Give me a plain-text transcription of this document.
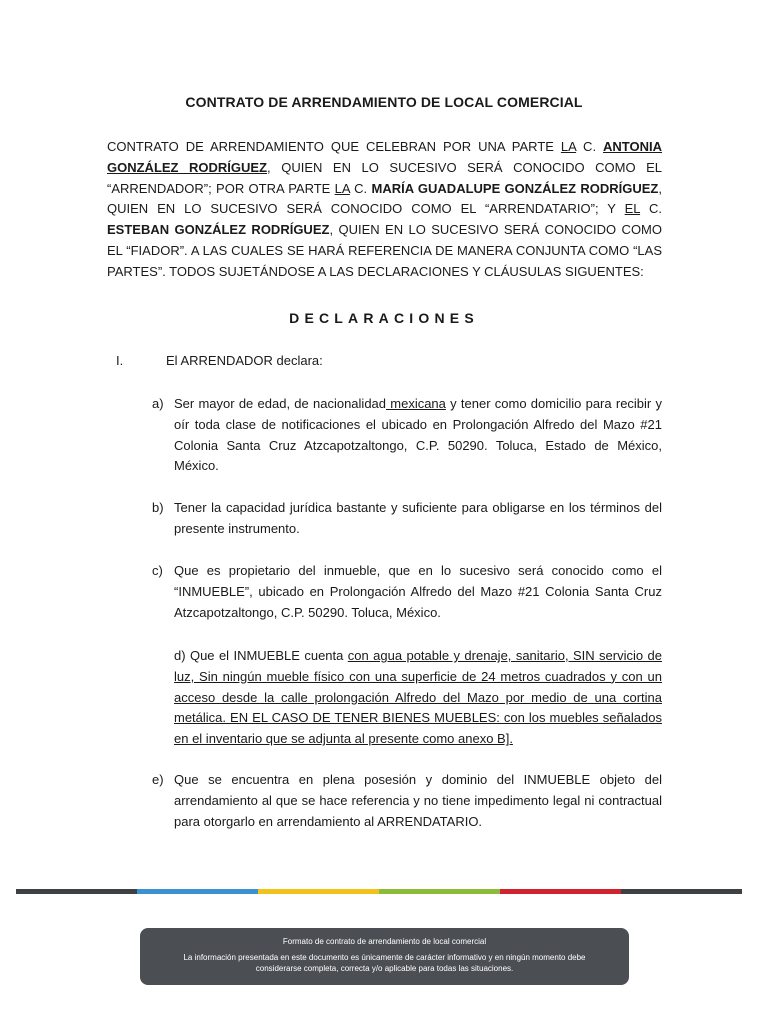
CONTRATO DE ARRENDAMIENTO DE LOCAL COMERCIAL
CONTRATO DE ARRENDAMIENTO QUE CELEBRAN POR UNA PARTE LA C. ANTONIA GONZÁLEZ RODRÍGUEZ, QUIEN EN LO SUCESIVO SERÁ CONOCIDO COMO EL “ARRENDADOR”; POR OTRA PARTE LA C. MARÍA GUADALUPE GONZÁLEZ RODRÍGUEZ, QUIEN EN LO SUCESIVO SERÁ CONOCIDO COMO EL “ARRENDATARIO”; Y EL C. ESTEBAN GONZÁLEZ RODRÍGUEZ, QUIEN EN LO SUCESIVO SERÁ CONOCIDO COMO EL “FIADOR”. A LAS CUALES SE HARÁ REFERENCIA DE MANERA CONJUNTA COMO “LAS PARTES”. TODOS SUJETÁNDOSE A LAS DECLARACIONES Y CLÁUSULAS SIGUENTES:
DECLARACIONES
I.	El ARRENDADOR declara:
a) Ser mayor de edad, de nacionalidad mexicana y tener como domicilio para recibir y oír toda clase de notificaciones el ubicado en Prolongación Alfredo del Mazo #21 Colonia Santa Cruz Atzcapotzaltongo, C.P. 50290. Toluca, Estado de México, México.
b) Tener la capacidad jurídica bastante y suficiente para obligarse en los términos del presente instrumento.
c) Que es propietario del inmueble, que en lo sucesivo será conocido como el “INMUEBLE”, ubicado en Prolongación Alfredo del Mazo #21 Colonia Santa Cruz Atzcapotzaltongo, C.P. 50290. Toluca, México.
d) Que el INMUEBLE cuenta con agua potable y drenaje, sanitario, SIN servicio de luz, Sin ningún mueble físico con una superficie de 24 metros cuadrados y con un acceso desde la calle prolongación Alfredo del Mazo por medio de una cortina metálica. EN EL CASO DE TENER BIENES MUEBLES: con los muebles señalados en el inventario que se adjunta al presente como anexo B].
e) Que se encuentra en plena posesión y dominio del INMUEBLE objeto del arrendamiento al que se hace referencia y no tiene impedimento legal ni contractual para otorgarlo en arrendamiento al ARRENDATARIO.
Formato de contrato de arrendamiento de local comercial
La información presentada en este documento es únicamente de carácter informativo y en ningún momento debe considerarse completa, correcta y/o aplicable para todas las situaciones.
